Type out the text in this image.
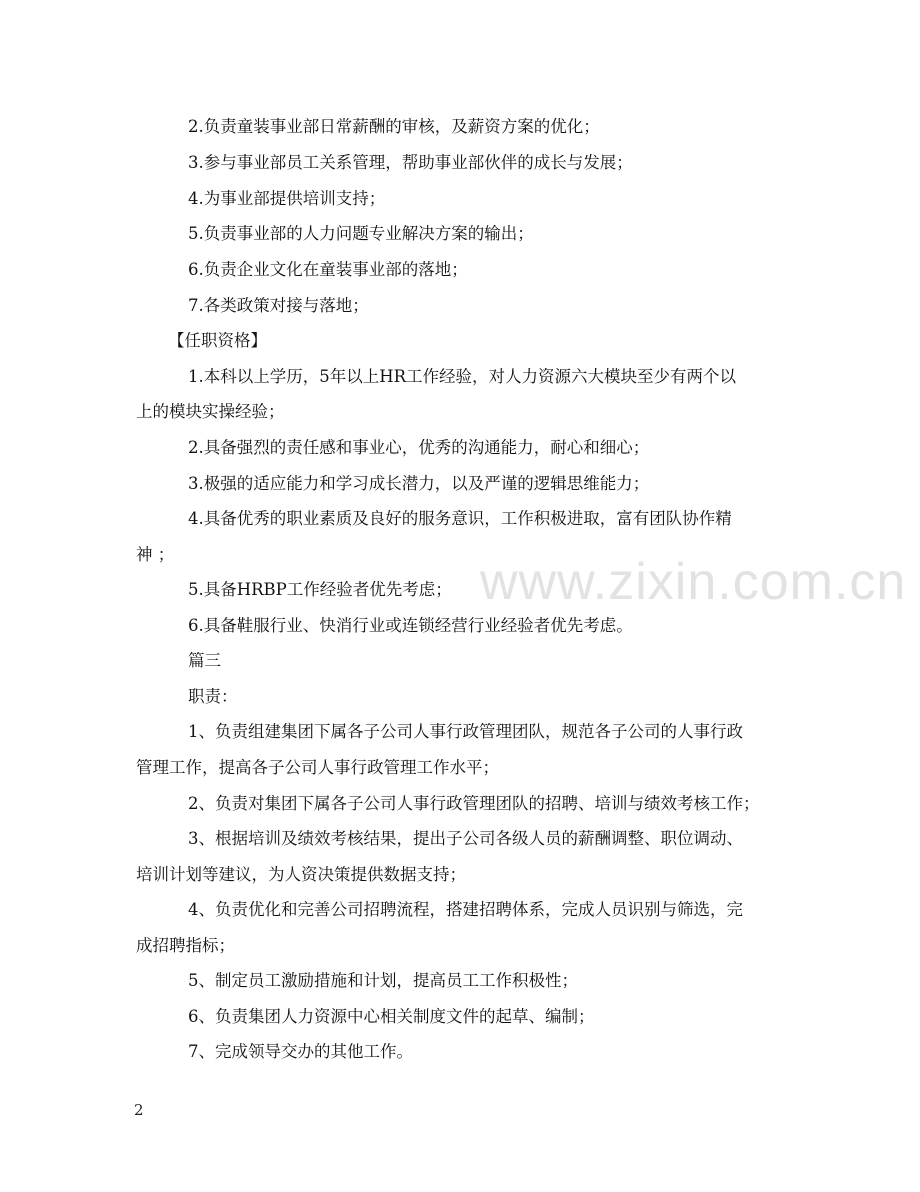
www.zixin.com.cn
2.负责童装事业部日常薪酬的审核，及薪资方案的优化；
3.参与事业部员工关系管理，帮助事业部伙伴的成长与发展；
4.为事业部提供培训支持；
5.负责事业部的人力问题专业解决方案的输出；
6.负责企业文化在童装事业部的落地；
7.各类政策对接与落地；
【任职资格】
1.本科以上学历，5年以上HR工作经验，对人力资源六大模块至少有两个以
上的模块实操经验；
2.具备强烈的责任感和事业心，优秀的沟通能力，耐心和细心；
3.极强的适应能力和学习成长潜力，以及严谨的逻辑思维能力；
4.具备优秀的职业素质及良好的服务意识，工作积极进取，富有团队协作精
神 ；
5.具备HRBP工作经验者优先考虑；
6.具备鞋服行业、快消行业或连锁经营行业经验者优先考虑。
篇三
职责：
1、负责组建集团下属各子公司人事行政管理团队，规范各子公司的人事行政
管理工作，提高各子公司人事行政管理工作水平；
2、负责对集团下属各子公司人事行政管理团队的招聘、培训与绩效考核工作；
3、根据培训及绩效考核结果，提出子公司各级人员的薪酬调整、职位调动、
培训计划等建议，为人资决策提供数据支持；
4、负责优化和完善公司招聘流程，搭建招聘体系，完成人员识别与筛选，完
成招聘指标；
5、制定员工激励措施和计划，提高员工工作积极性；
6、负责集团人力资源中心相关制度文件的起草、编制；
7、完成领导交办的其他工作。
2
